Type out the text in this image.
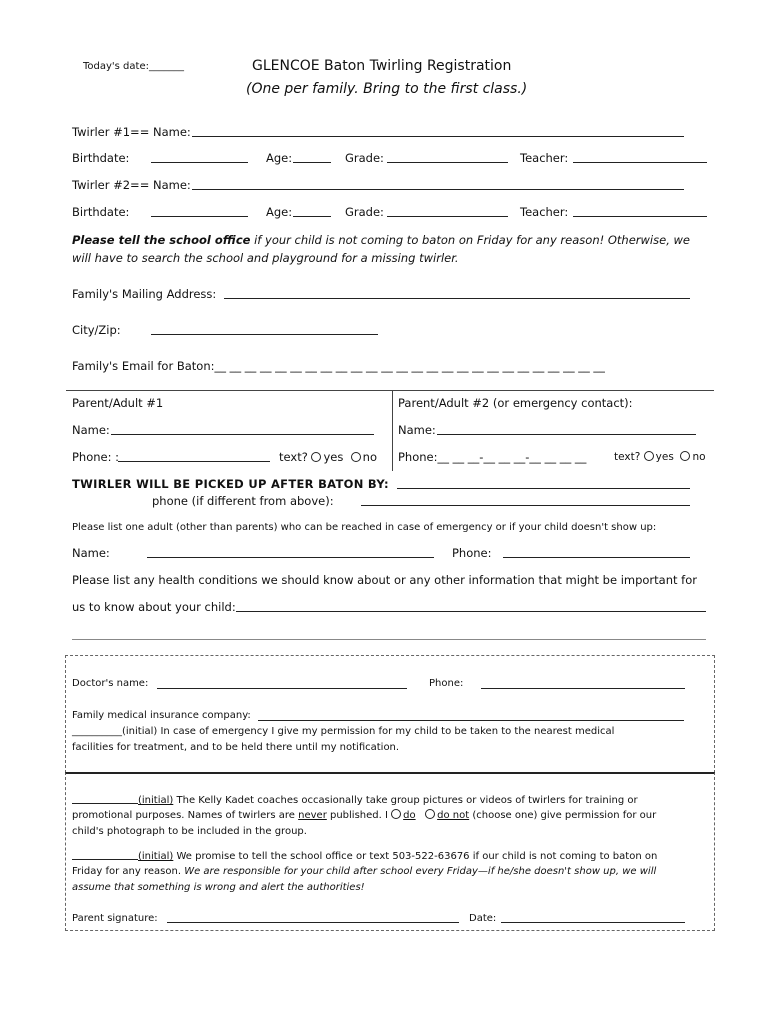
Today's date:_______	GLENCOE Baton Twirling Registration
(One per family. Bring to the first class.)
Twirler #1== Name:
Birthdate:	Age:	Grade:	Teacher:
Twirler #2== Name:
Birthdate:	Age:	Grade:	Teacher:
Please tell the school office if your child is not coming to baton on Friday for any reason! Otherwise, we
will have to search the school and playground for a missing twirler.
Family's Mailing Address:
City/Zip:
Family's Email for Baton:__ __ __ __ __ __ __ __ __ __ __ __ __ __ __ __ __ __ __ __ __ __ __ __ __ __
Parent/Adult #1
Name:
Phone: :	text? yes no
Parent/Adult #2 (or emergency contact):
Name:
Phone:__ __ __-__ __ __-__ __ __ __	text? yes no
TWIRLER WILL BE PICKED UP AFTER BATON BY:
phone (if different from above):
Please list one adult (other than parents) who can be reached in case of emergency or if your child doesn't show up:
Name:	Phone:
Please list any health conditions we should know about or any other information that might be important for
us to know about your child:
Doctor's name:	Phone:
Family medical insurance company:
__________(initial) In case of emergency I give my permission for my child to be taken to the nearest medical
facilities for treatment, and to be held there until my notification.
(initial) The Kelly Kadet coaches occasionally take group pictures or videos of twirlers for training or
promotional purposes. Names of twirlers are never published. I do do not (choose one) give permission for our
child's photograph to be included in the group.
(initial) We promise to tell the school office or text 503-522-63676 if our child is not coming to baton on
Friday for any reason. We are responsible for your child after school every Friday—if he/she doesn't show up, we will
assume that something is wrong and alert the authorities!
Parent signature:	Date:
